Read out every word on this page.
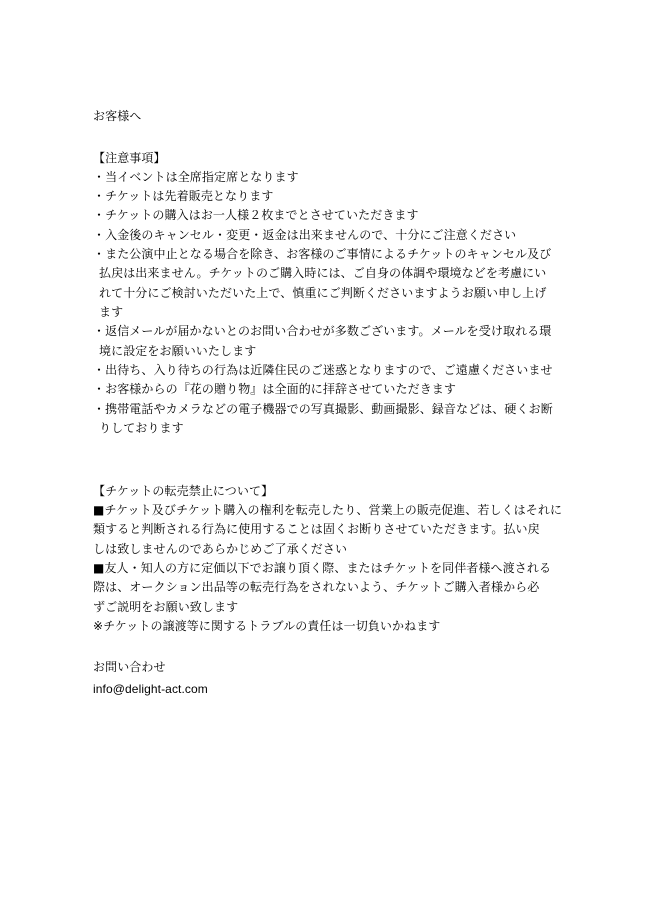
お客様へ
【注意事項】
・当イベントは全席指定席となります
・チケットは先着販売となります
・チケットの購入はお一人様２枚までとさせていただきます
・入金後のキャンセル・変更・返金は出来ませんので、十分にご注意ください
・また公演中止となる場合を除き、お客様のご事情によるチケットのキャンセル及び
払戻は出来ません。チケットのご購入時には、ご自身の体調や環境などを考慮にい
れて十分にご検討いただいた上で、慎重にご判断くださいますようお願い申し上げ
ます
・返信メールが届かないとのお問い合わせが多数ございます。メールを受け取れる環
境に設定をお願いいたします
・出待ち、入り待ちの行為は近隣住民のご迷惑となりますので、ご遠慮くださいませ
・お客様からの『花の贈り物』は全面的に拝辞させていただきます
・携帯電話やカメラなどの電子機器での写真撮影、動画撮影、録音などは、硬くお断
りしております
【チケットの転売禁止について】
■チケット及びチケット購入の権利を転売したり、営業上の販売促進、若しくはそれに
類すると判断される行為に使用することは固くお断りさせていただきます。払い戻
しは致しませんのであらかじめご了承ください
■友人・知人の方に定価以下でお譲り頂く際、またはチケットを同伴者様へ渡される
際は、オークション出品等の転売行為をされないよう、チケットご購入者様から必
ずご説明をお願い致します
※チケットの譲渡等に関するトラブルの責任は一切負いかねます
お問い合わせ
info@delight-act.com
